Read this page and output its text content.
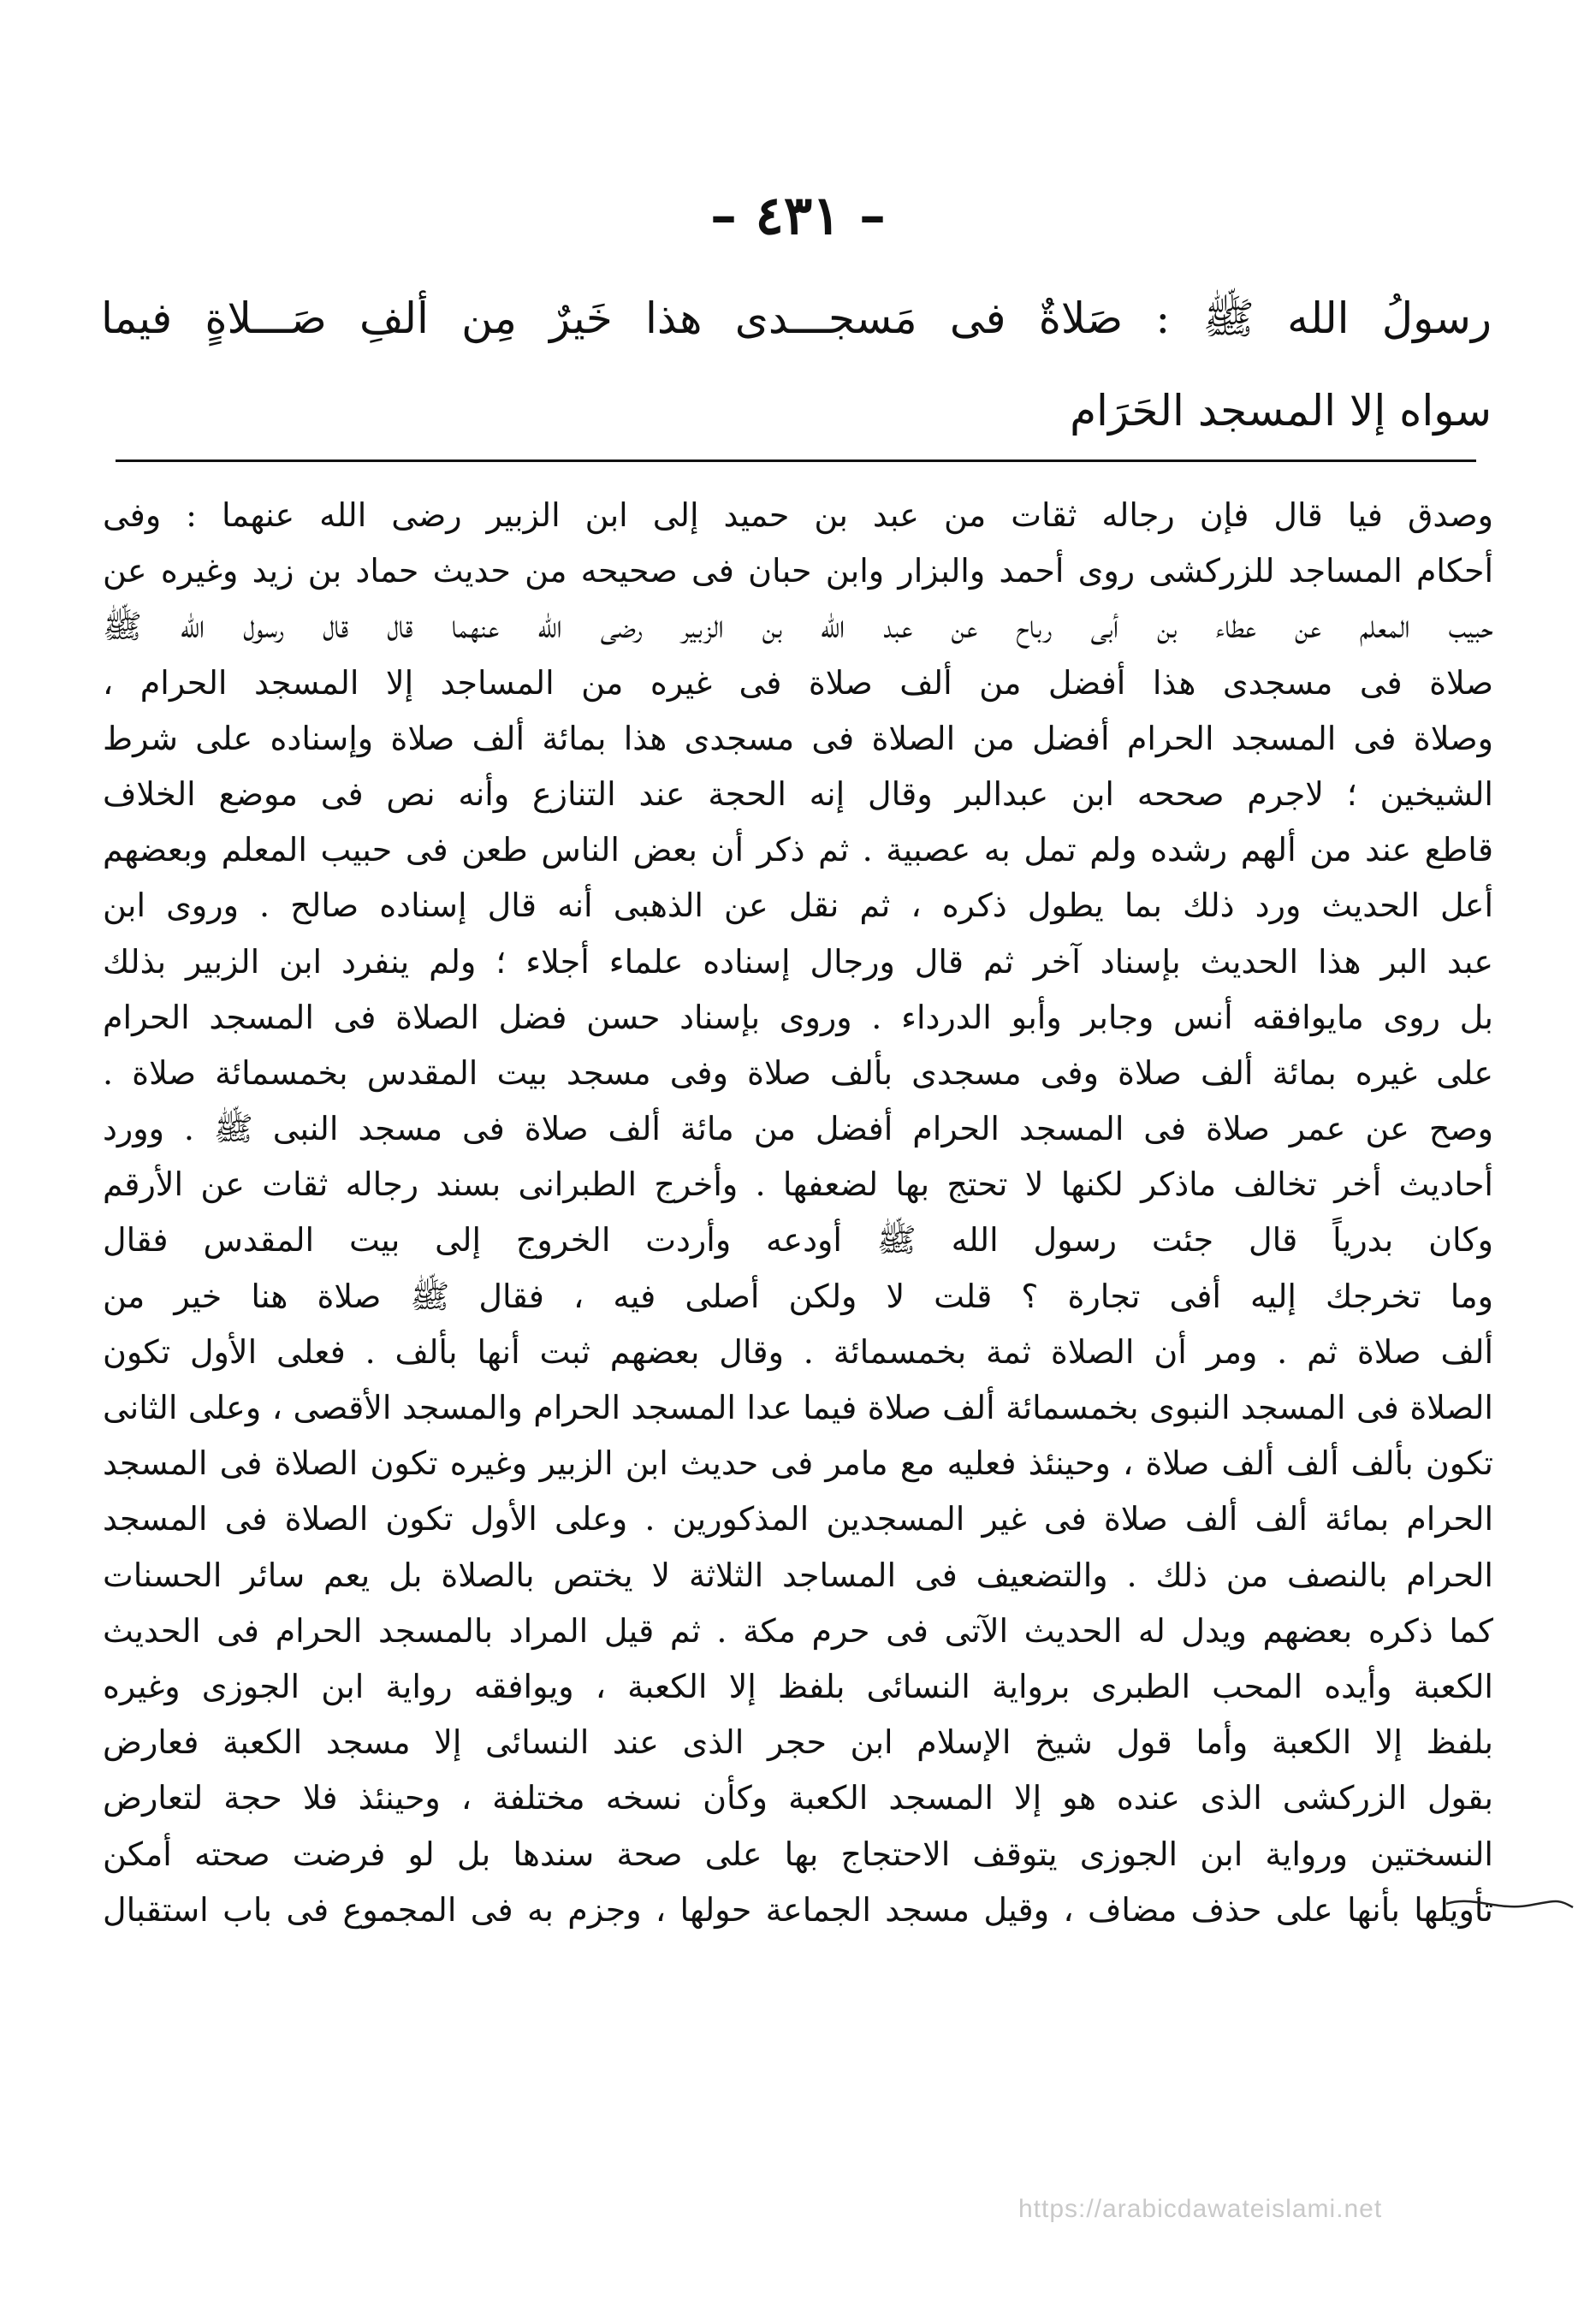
– ٤٣١ –
رسولُ الله ﷺ : صَلاةٌ فى مَسجـــدى هذا خَيرٌ مِن ألفِ صَـــلاةٍ فيما
سواه إلا المسجد الحَرَام
وصدق فيا قال فإن رجاله ثقات من عبد بن حميد إلى ابن الزبير رضى الله عنهما : وفى
أحكام المساجد للزركشى روى أحمد والبزار وابن حبان فى صحيحه من حديث حماد بن زيد وغيره عن
حبيب المعلم عن عطاء بن أبى رباح عن عبد الله بن الزبير رضى الله عنهما قال قال رسول الله ﷺ
صلاة فى مسجدى هذا أفضل من ألف صلاة فى غيره من المساجد إلا المسجد الحرام ،
وصلاة فى المسجد الحرام أفضل من الصلاة فى مسجدى هذا بمائة ألف صلاة وإسناده على شرط
الشيخين ؛ لاجرم صححه ابن عبدالبر وقال إنه الحجة عند التنازع وأنه نص فى موضع الخلاف
قاطع عند من ألهم رشده ولم تمل به عصبية . ثم ذكر أن بعض الناس طعن فى حبيب المعلم وبعضهم
أعل الحديث ورد ذلك بما يطول ذكره ، ثم نقل عن الذهبى أنه قال إسناده صالح . وروى ابن
عبد البر هذا الحديث بإسناد آخر ثم قال ورجال إسناده علماء أجلاء ؛ ولم ينفرد ابن الزبير بذلك
بل روى مايوافقه أنس وجابر وأبو الدرداء . وروى بإسناد حسن فضل الصلاة فى المسجد الحرام
على غيره بمائة ألف صلاة وفى مسجدى بألف صلاة وفى مسجد بيت المقدس بخمسمائة صلاة .
وصح عن عمر صلاة فى المسجد الحرام أفضل من مائة ألف صلاة فى مسجد النبى ﷺ . وورد
أحاديث أخر تخالف ماذكر لكنها لا تحتج بها لضعفها . وأخرج الطبرانى بسند رجاله ثقات عن الأرقم
وكان بدرياً قال جئت رسول الله ﷺ أودعه وأردت الخروج إلى بيت المقدس فقال
وما تخرجك إليه أفى تجارة ؟ قلت لا ولكن أصلى فيه ، فقال ﷺ صلاة هنا خير من
ألف صلاة ثم . ومر أن الصلاة ثمة بخمسمائة . وقال بعضهم ثبت أنها بألف . فعلى الأول تكون
الصلاة فى المسجد النبوى بخمسمائة ألف صلاة فيما عدا المسجد الحرام والمسجد الأقصى ، وعلى الثانى
تكون بألف ألف ألف صلاة ، وحينئذ فعليه مع مامر فى حديث ابن الزبير وغيره تكون الصلاة فى المسجد
الحرام بمائة ألف ألف صلاة فى غير المسجدين المذكورين . وعلى الأول تكون الصلاة فى المسجد
الحرام بالنصف من ذلك . والتضعيف فى المساجد الثلاثة لا يختص بالصلاة بل يعم سائر الحسنات
كما ذكره بعضهم ويدل له الحديث الآتى فى حرم مكة . ثم قيل المراد بالمسجد الحرام فى الحديث
الكعبة وأيده المحب الطبرى برواية النسائى بلفظ إلا الكعبة ، ويوافقه رواية ابن الجوزى وغيره
بلفظ إلا الكعبة وأما قول شيخ الإسلام ابن حجر الذى عند النسائى إلا مسجد الكعبة فعارض
بقول الزركشى الذى عنده هو إلا المسجد الكعبة وكأن نسخه مختلفة ، وحينئذ فلا حجة لتعارض
النسختين ورواية ابن الجوزى يتوقف الاحتجاج بها على صحة سندها بل لو فرضت صحته أمكن
تأويلها بأنها على حذف مضاف ، وقيل مسجد الجماعة حولها ، وجزم به فى المجموع فى باب استقبال
https://arabicdawateislami.net
